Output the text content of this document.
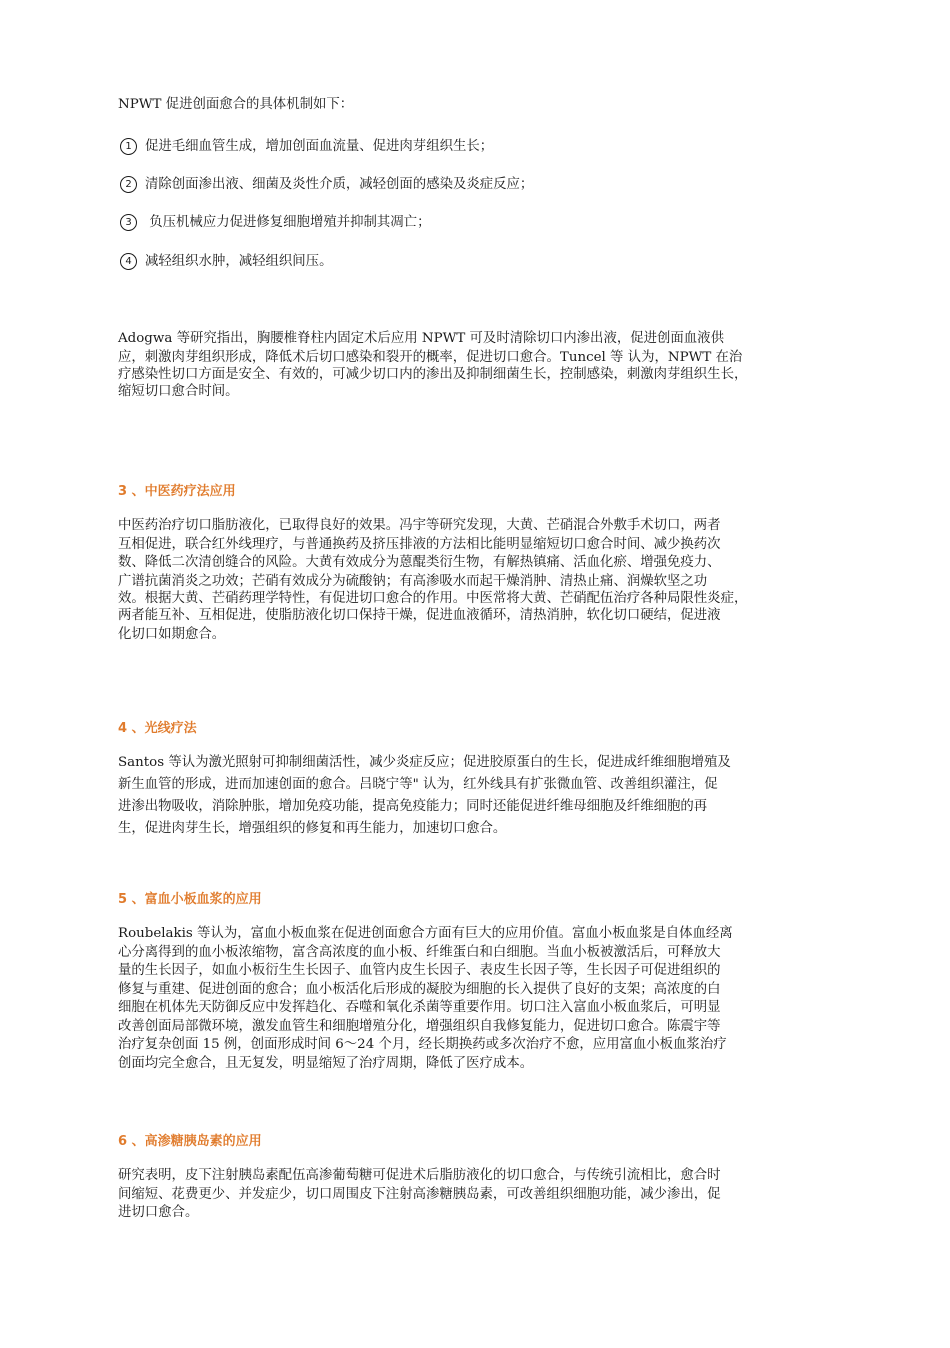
NPWT 促进创面愈合的具体机制如下：
1 促进毛细血管生成，增加创面血流量、促进肉芽组织生长；
2 清除创面渗出液、细菌及炎性介质，减轻创面的感染及炎症反应；
3 负压机械应力促进修复细胞增殖并抑制其凋亡；
4 减轻组织水肿，减轻组织间压。
Adogwa 等研究指出，胸腰椎脊柱内固定术后应用 NPWT 可及时清除切口内渗出液，促进创面血液供
应，刺激肉芽组织形成，降低术后切口感染和裂开的概率，促进切口愈合。Tuncel 等 认为，NPWT 在治
疗感染性切口方面是安全、有效的，可减少切口内的渗出及抑制细菌生长，控制感染，刺激肉芽组织生长，
缩短切口愈合时间。
3 、中医药疗法应用
中医药治疗切口脂肪液化，已取得良好的效果。冯宇等研究发现，大黄、芒硝混合外敷手术切口，两者
互相促进，联合红外线理疗，与普通换药及挤压排液的方法相比能明显缩短切口愈合时间、减少换药次
数、降低二次清创缝合的风险。大黄有效成分为蒽醌类衍生物，有解热镇痛、活血化瘀、增强免疫力、
广谱抗菌消炎之功效；芒硝有效成分为硫酸钠；有高渗吸水而起干燥消肿、清热止痛、润燥软坚之功
效。根据大黄、芒硝药理学特性，有促进切口愈合的作用。中医常将大黄、芒硝配伍治疗各种局限性炎症，
两者能互补、互相促进，使脂肪液化切口保持干燥，促进血液循环，清热消肿，软化切口硬结，促进液
化切口如期愈合。
4 、光线疗法
Santos 等认为激光照射可抑制细菌活性，减少炎症反应；促进胶原蛋白的生长，促进成纤维细胞增殖及
新生血管的形成，进而加速创面的愈合。吕晓宁等" 认为，红外线具有扩张微血管、改善组织灌注，促
进渗出物吸收，消除肿胀，增加免疫功能，提高免疫能力；同时还能促进纤维母细胞及纤维细胞的再
生，促进肉芽生长，增强组织的修复和再生能力，加速切口愈合。
5 、富血小板血浆的应用
Roubelakis 等认为，富血小板血浆在促进创面愈合方面有巨大的应用价值。富血小板血浆是自体血经离
心分离得到的血小板浓缩物，富含高浓度的血小板、纤维蛋白和白细胞。当血小板被激活后，可释放大
量的生长因子，如血小板衍生生长因子、血管内皮生长因子、表皮生长因子等，生长因子可促进组织的
修复与重建、促进创面的愈合；血小板活化后形成的凝胶为细胞的长入提供了良好的支架；高浓度的白
细胞在机体先天防御反应中发挥趋化、吞噬和氧化杀菌等重要作用。切口注入富血小板血浆后，可明显
改善创面局部微环境，激发血管生和细胞增殖分化，增强组织自我修复能力，促进切口愈合。陈震宇等
治疗复杂创面 15 例，创面形成时间 6～24 个月，经长期换药或多次治疗不愈，应用富血小板血浆治疗
创面均完全愈合，且无复发，明显缩短了治疗周期，降低了医疗成本。
6 、高渗糖胰岛素的应用
研究表明，皮下注射胰岛素配伍高渗葡萄糖可促进术后脂肪液化的切口愈合，与传统引流相比，愈合时
间缩短、花费更少、并发症少，切口周围皮下注射高渗糖胰岛素，可改善组织细胞功能，减少渗出，促
进切口愈合。
